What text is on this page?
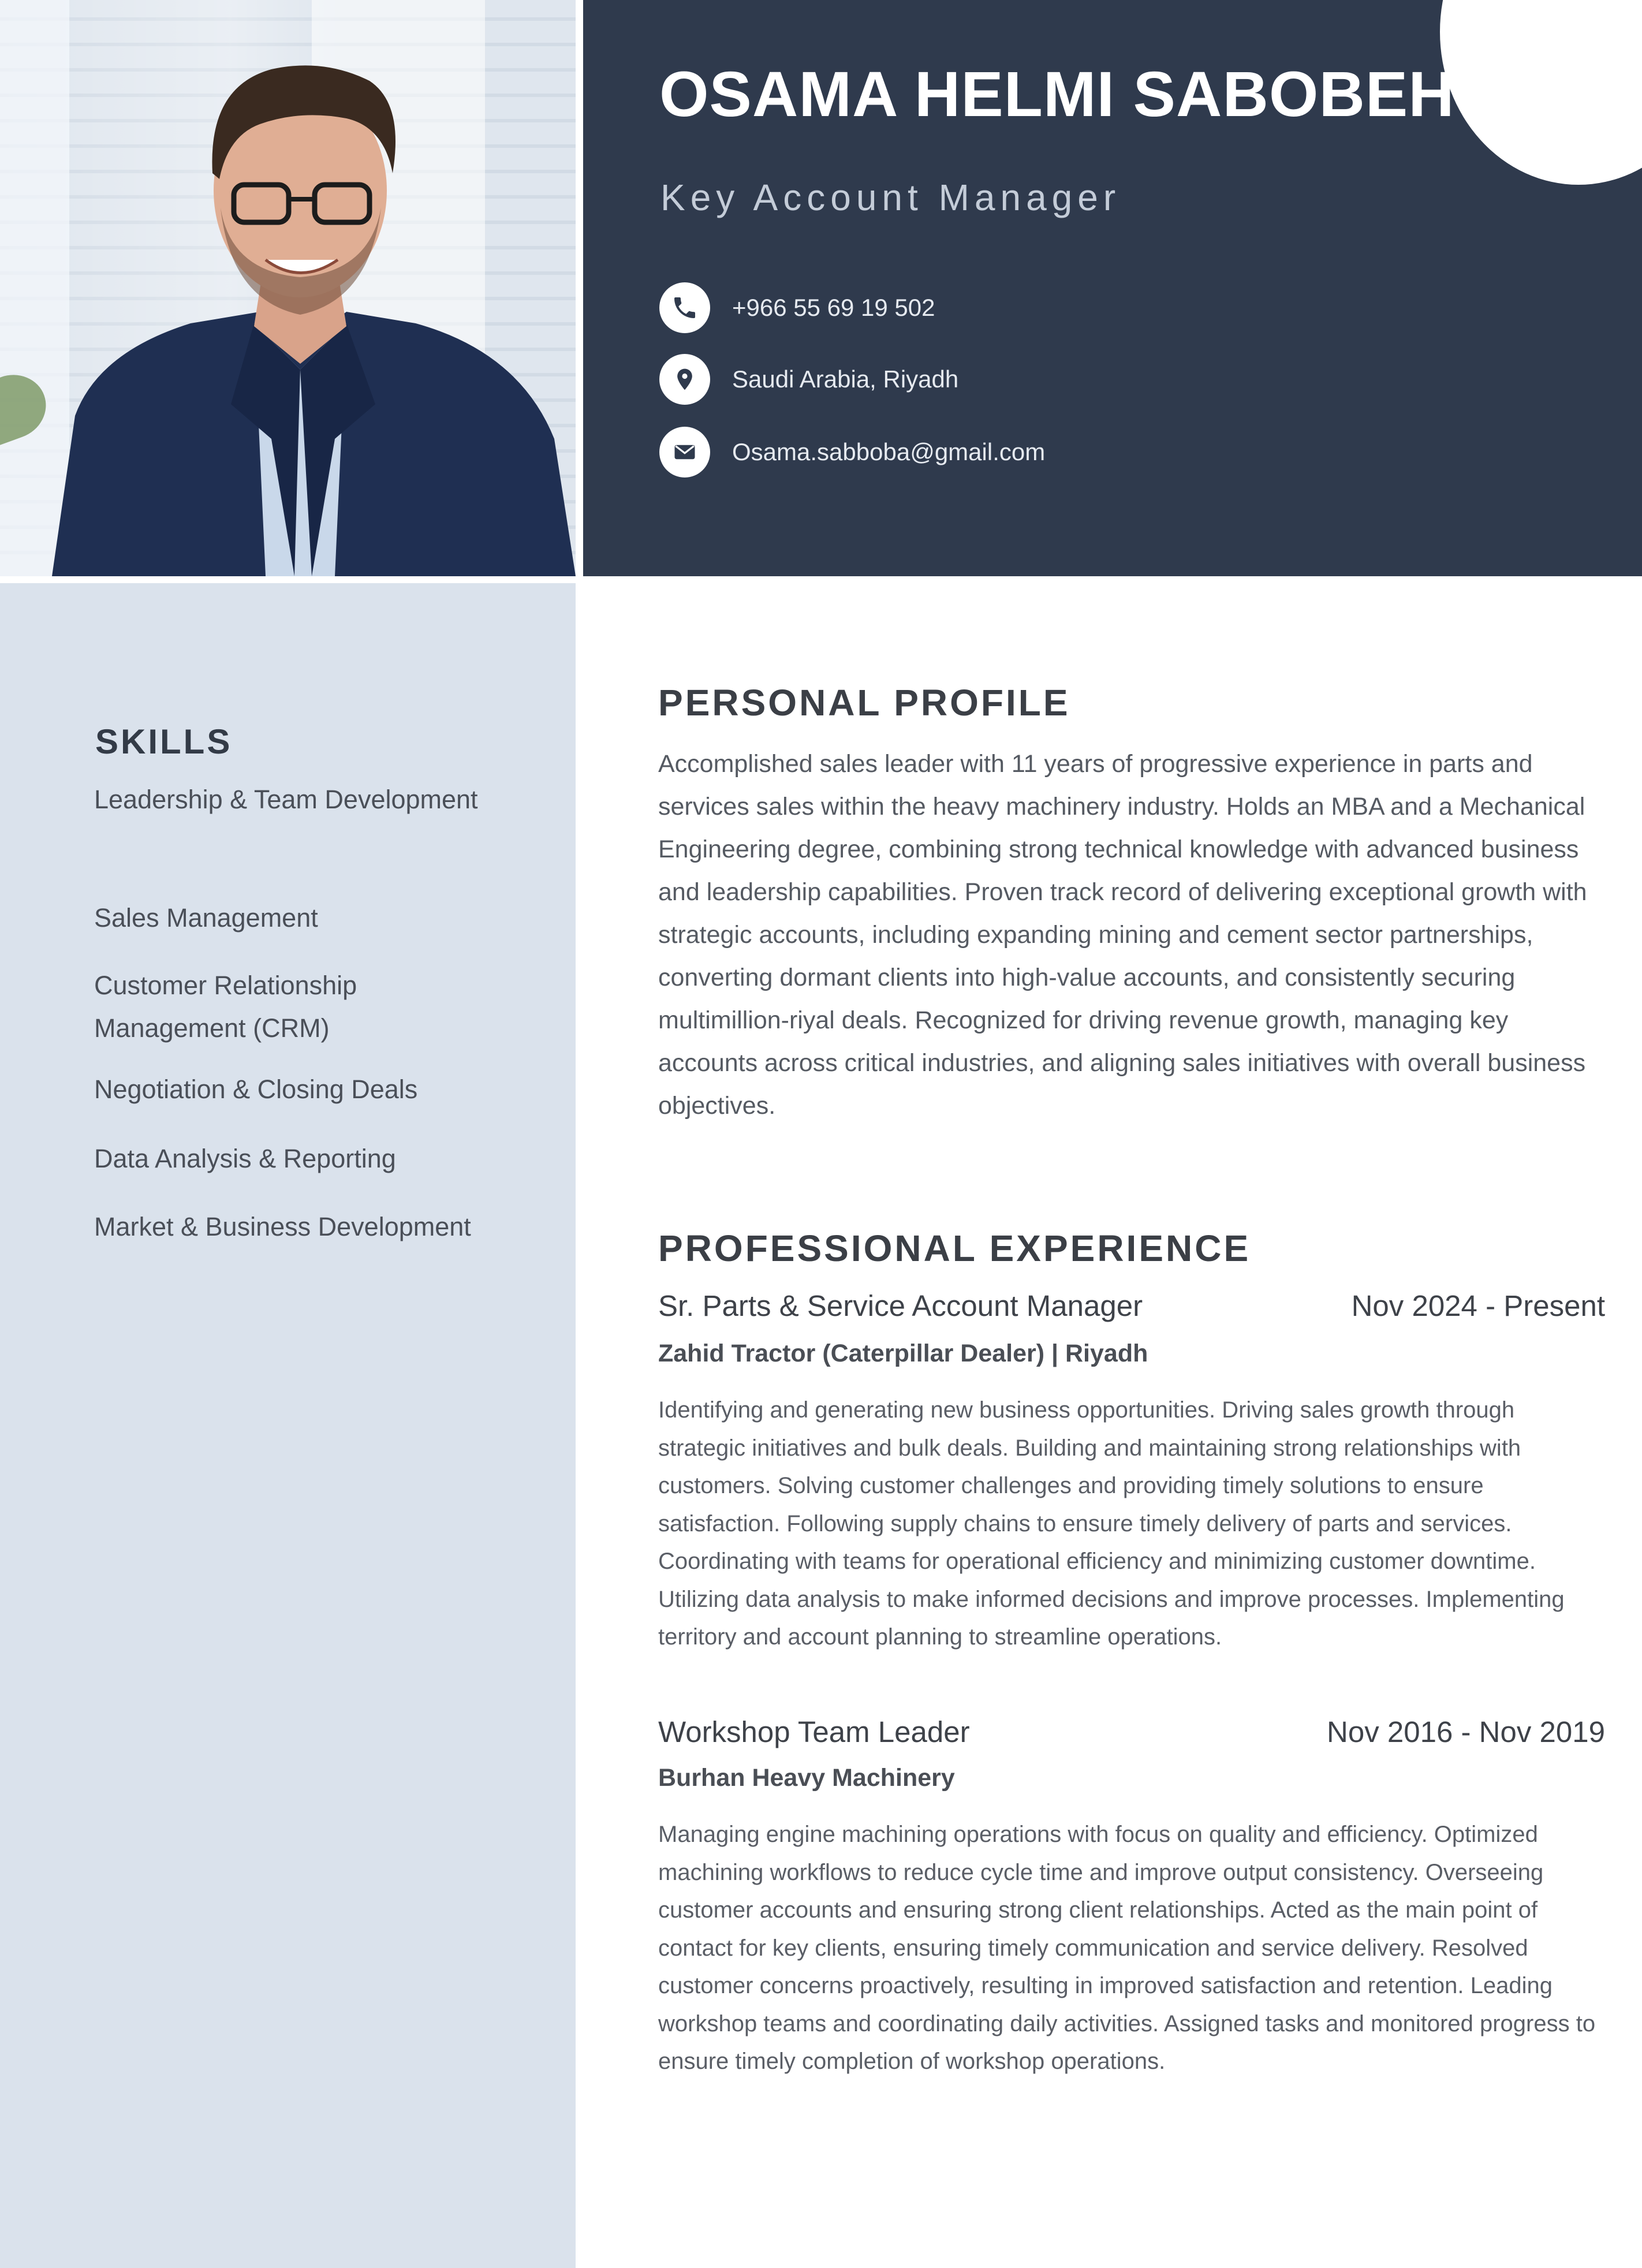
OSAMA HELMI SABOBEH

Key Account Manager

+966 55 69 19 502
Saudi Arabia, Riyadh
Osama.sabboba@gmail.com
SKILLS
Leadership & Team Development
Sales Management
Customer Relationship Management (CRM)
Negotiation & Closing Deals
Data Analysis & Reporting
Market & Business Development
PERSONAL PROFILE

Accomplished sales leader with 11 years of progressive experience in parts and services sales within the heavy machinery industry. Holds an MBA and a Mechanical Engineering degree, combining strong technical knowledge with advanced business and leadership capabilities. Proven track record of delivering exceptional growth with strategic accounts, including expanding mining and cement sector partnerships, converting dormant clients into high-value accounts, and consistently securing multimillion-riyal deals. Recognized for driving revenue growth, managing key accounts across critical industries, and aligning sales initiatives with overall business objectives.

PROFESSIONAL EXPERIENCE
Sr. Parts & Service Account Manager	Nov 2024 - Present
Zahid Tractor (Caterpillar Dealer) | Riyadh

Identifying and generating new business opportunities. Driving sales growth through strategic initiatives and bulk deals. Building and maintaining strong relationships with customers. Solving customer challenges and providing timely solutions to ensure satisfaction. Following supply chains to ensure timely delivery of parts and services. Coordinating with teams for operational efficiency and minimizing customer downtime. Utilizing data analysis to make informed decisions and improve processes. Implementing territory and account planning to streamline operations.

Workshop Team Leader	Nov 2016 - Nov 2019
Burhan Heavy Machinery

Managing engine machining operations with focus on quality and efficiency. Optimized machining workflows to reduce cycle time and improve output consistency. Overseeing customer accounts and ensuring strong client relationships. Acted as the main point of contact for key clients, ensuring timely communication and service delivery. Resolved customer concerns proactively, resulting in improved satisfaction and retention. Leading workshop teams and coordinating daily activities. Assigned tasks and monitored progress to ensure timely completion of workshop operations.
